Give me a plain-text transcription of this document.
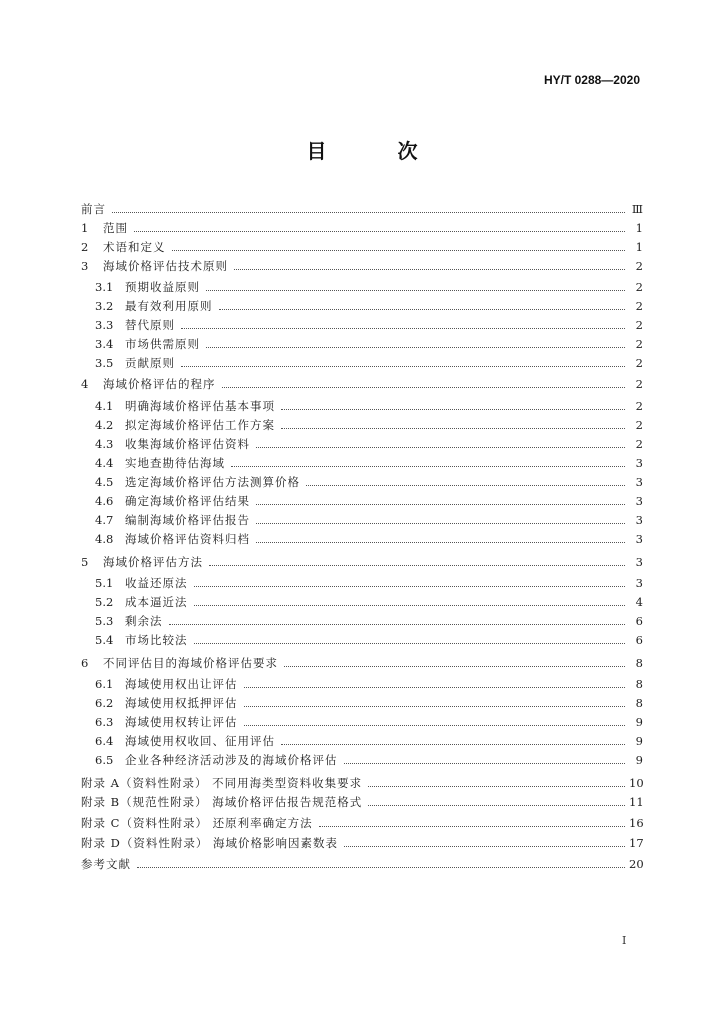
HY/T 0288—2020
目 次
前言	Ⅲ
1	范围	1
2	术语和定义	1
3	海域价格评估技术原则	2
3.1	预期收益原则	2
3.2	最有效利用原则	2
3.3	替代原则	2
3.4	市场供需原则	2
3.5	贡献原则	2
4	海域价格评估的程序	2
4.1	明确海域价格评估基本事项	2
4.2	拟定海域价格评估工作方案	2
4.3	收集海域价格评估资料	2
4.4	实地查勘待估海域	3
4.5	选定海域价格评估方法测算价格	3
4.6	确定海域价格评估结果	3
4.7	编制海域价格评估报告	3
4.8	海域价格评估资料归档	3
5	海域价格评估方法	3
5.1	收益还原法	3
5.2	成本逼近法	4
5.3	剩余法	6
5.4	市场比较法	6
6	不同评估目的海域价格评估要求	8
6.1	海域使用权出让评估	8
6.2	海域使用权抵押评估	8
6.3	海域使用权转让评估	9
6.4	海域使用权收回、征用评估	9
6.5	企业各种经济活动涉及的海域价格评估	9
附录 A（资料性附录） 不同用海类型资料收集要求	10
附录 B（规范性附录） 海域价格评估报告规范格式	11
附录 C（资料性附录） 还原利率确定方法	16
附录 D（资料性附录） 海域价格影响因素数表	17
参考文献	20
I
